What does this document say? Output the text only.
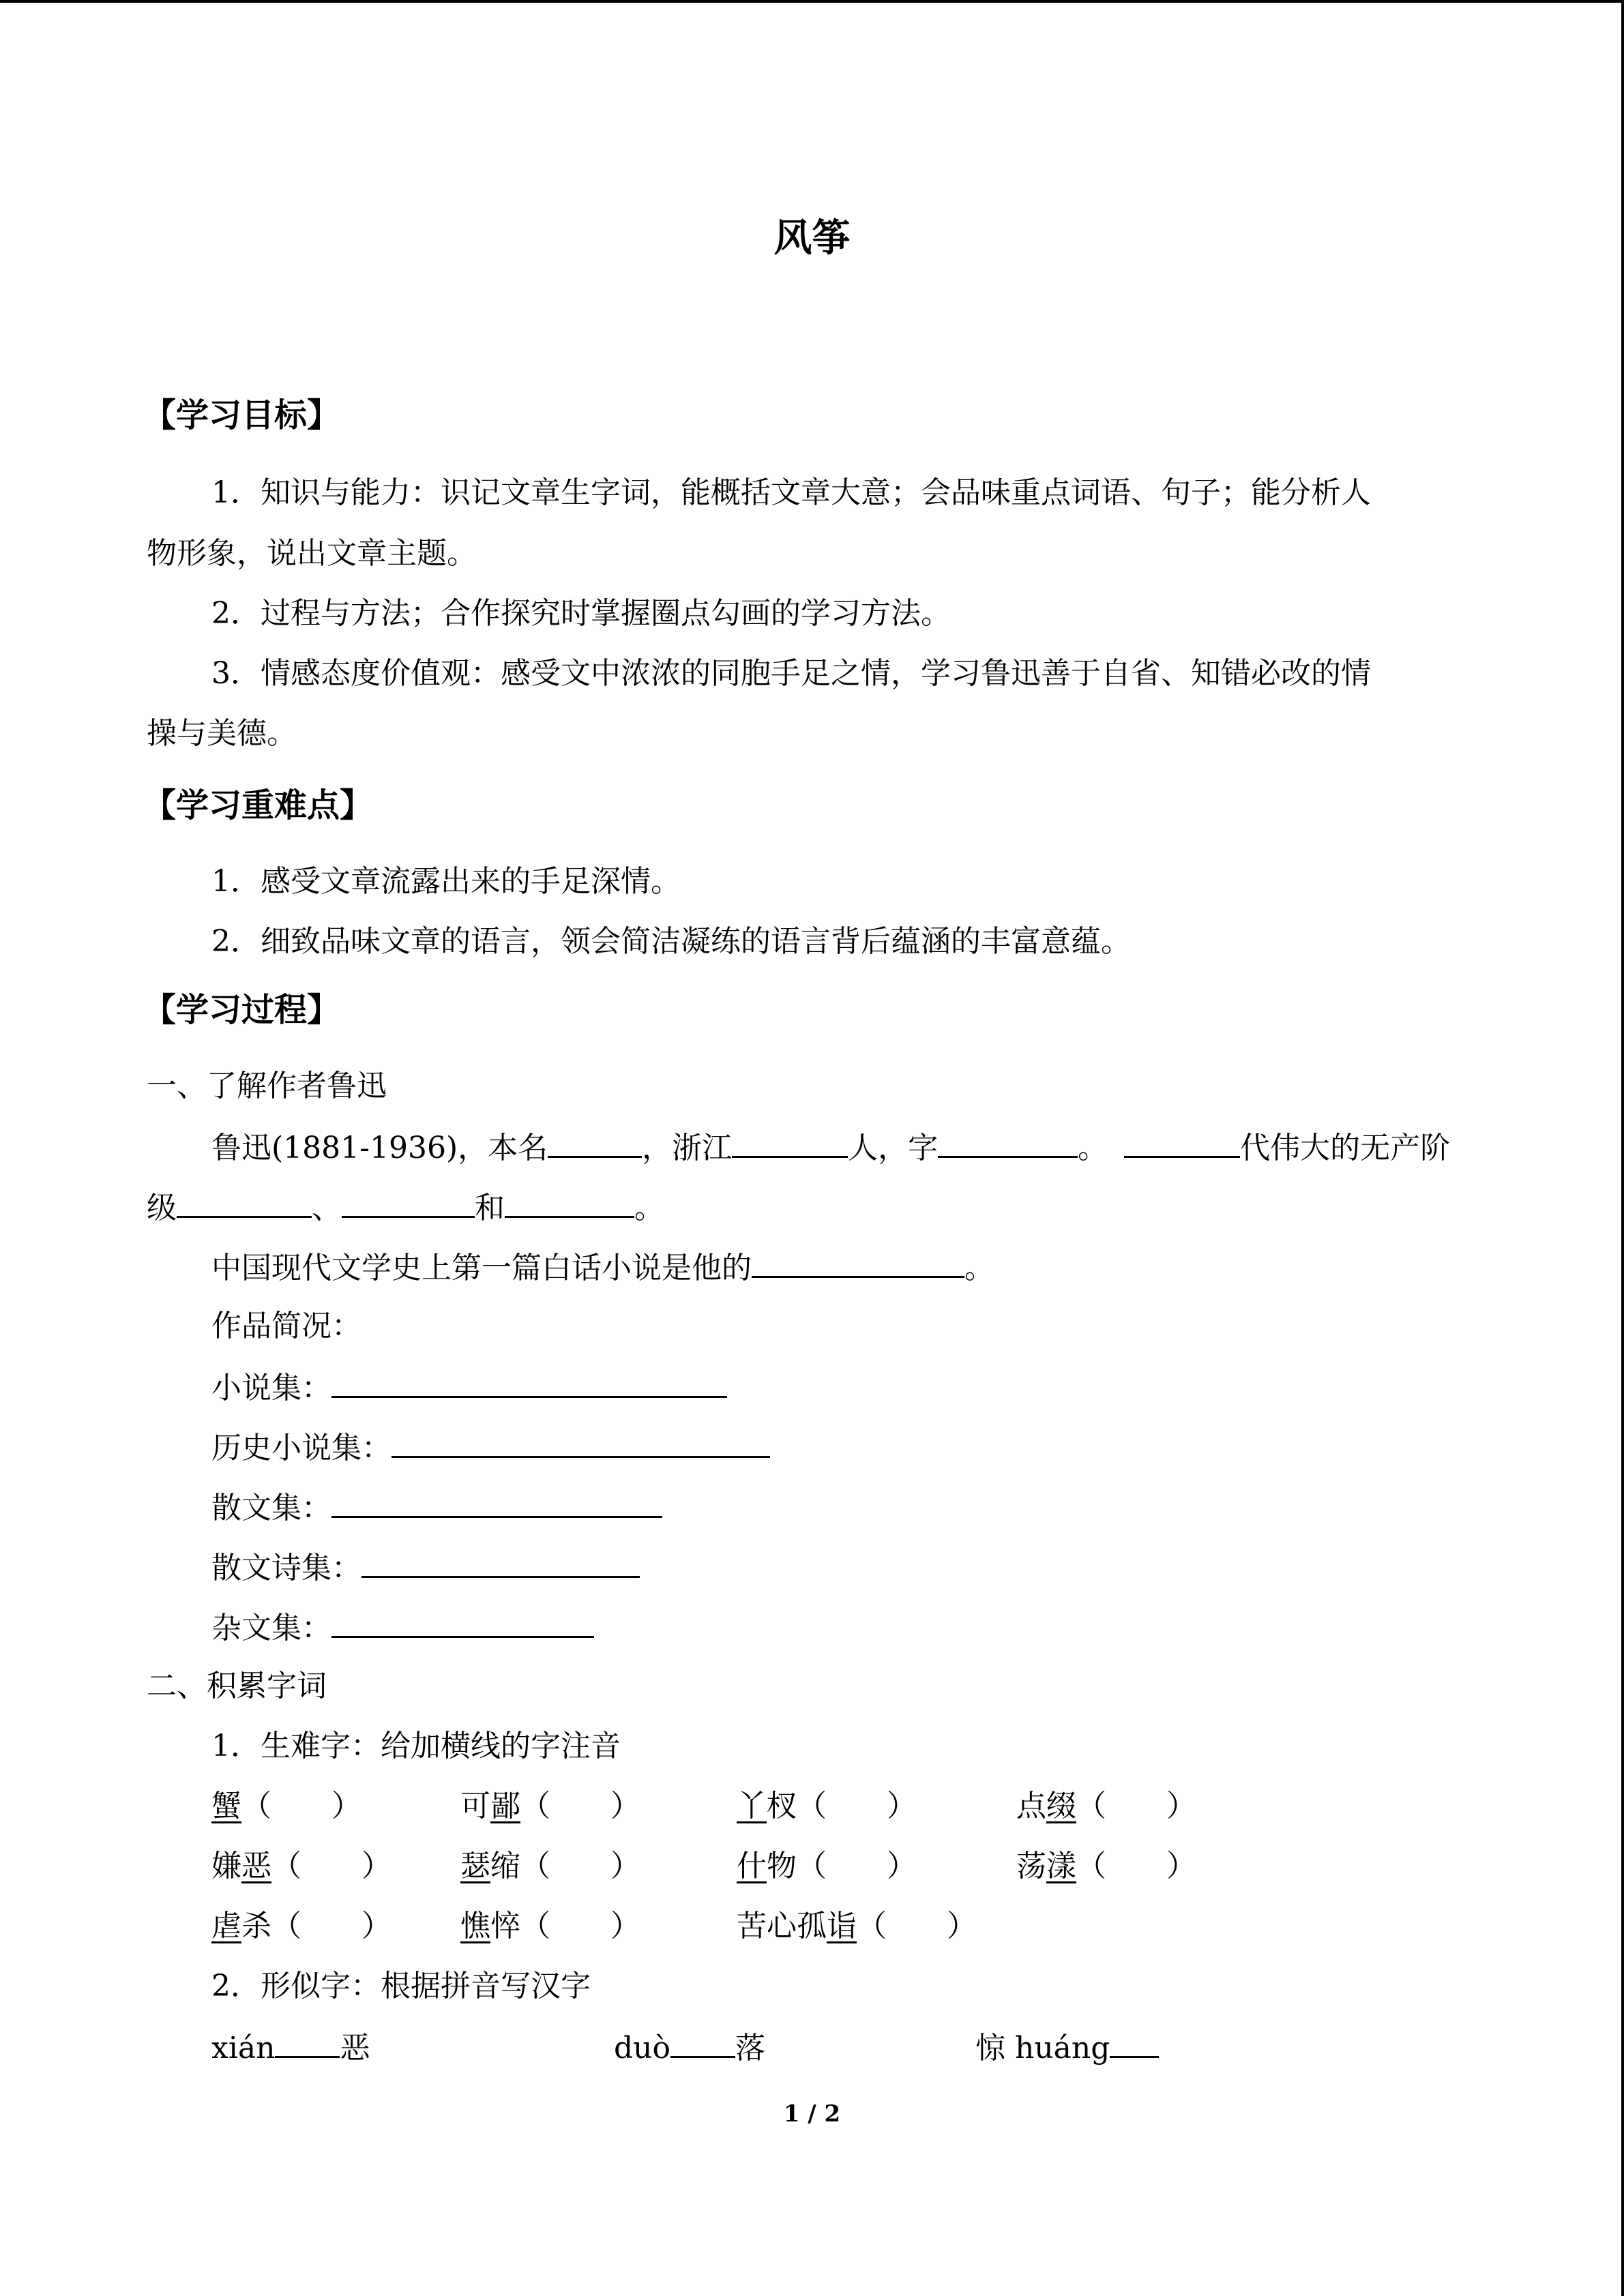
风筝
【学习目标】
1．知识与能力：识记文章生字词，能概括文章大意；会品味重点词语、句子；能分析人
物形象，说出文章主题。
2．过程与方法；合作探究时掌握圈点勾画的学习方法。
3．情感态度价值观：感受文中浓浓的同胞手足之情，学习鲁迅善于自省、知错必改的情
操与美德。
【学习重难点】
1．感受文章流露出来的手足深情。
2．细致品味文章的语言，领会简洁凝练的语言背后蕴涵的丰富意蕴。
【学习过程】
一、了解作者鲁迅
鲁迅(1881-1936)，本名	，浙江	人，字	。	代伟大的无产阶
级	、	和	。
中国现代文学史上第一篇白话小说是他的	。
作品简况：
小说集：
历史小说集：
散文集：
散文诗集：
杂文集：
二、积累字词
1．生难字：给加横线的字注音
蟹（　　）	可鄙（　　）	丫杈（　　）	点缀（　　）
嫌恶（　　） 瑟缩（　　）	什物（　　）	荡漾（　　）
虐杀（　　） 憔悴（　　）	苦心孤诣（　　）
2．形似字：根据拼音写汉字
xián 恶	duò 落	惊 huáng
1 / 2
